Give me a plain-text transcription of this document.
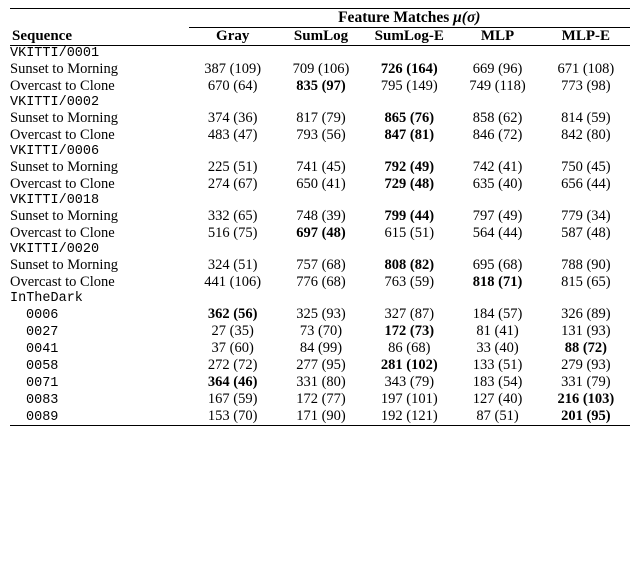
	Feature Matches μ(σ)				

Sequence	Gray	SumLog	SumLog-E	MLP	MLP-E

VKITTI/0001					
Sunset to Morning	387 (109)	709 (106)	726 (164)	669 (96)	671 (108)
Overcast to Clone	670 (64)	835 (97)	795 (149)	749 (118)	773 (98)
VKITTI/0002					
Sunset to Morning	374 (36)	817 (79)	865 (76)	858 (62)	814 (59)
Overcast to Clone	483 (47)	793 (56)	847 (81)	846 (72)	842 (80)
VKITTI/0006					
Sunset to Morning	225 (51)	741 (45)	792 (49)	742 (41)	750 (45)
Overcast to Clone	274 (67)	650 (41)	729 (48)	635 (40)	656 (44)
VKITTI/0018					
Sunset to Morning	332 (65)	748 (39)	799 (44)	797 (49)	779 (34)
Overcast to Clone	516 (75)	697 (48)	615 (51)	564 (44)	587 (48)
VKITTI/0020					
Sunset to Morning	324 (51)	757 (68)	808 (82)	695 (68)	788 (90)
Overcast to Clone	441 (106)	776 (68)	763 (59)	818 (71)	815 (65)
InTheDark					
0006	362 (56)	325 (93)	327 (87)	184 (57)	326 (89)
0027	27 (35)	73 (70)	172 (73)	81 (41)	131 (93)
0041	37 (60)	84 (99)	86 (68)	33 (40)	88 (72)
0058	272 (72)	277 (95)	281 (102)	133 (51)	279 (93)
0071	364 (46)	331 (80)	343 (79)	183 (54)	331 (79)
0083	167 (59)	172 (77)	197 (101)	127 (40)	216 (103)
0089	153 (70)	171 (90)	192 (121)	87 (51)	201 (95)
